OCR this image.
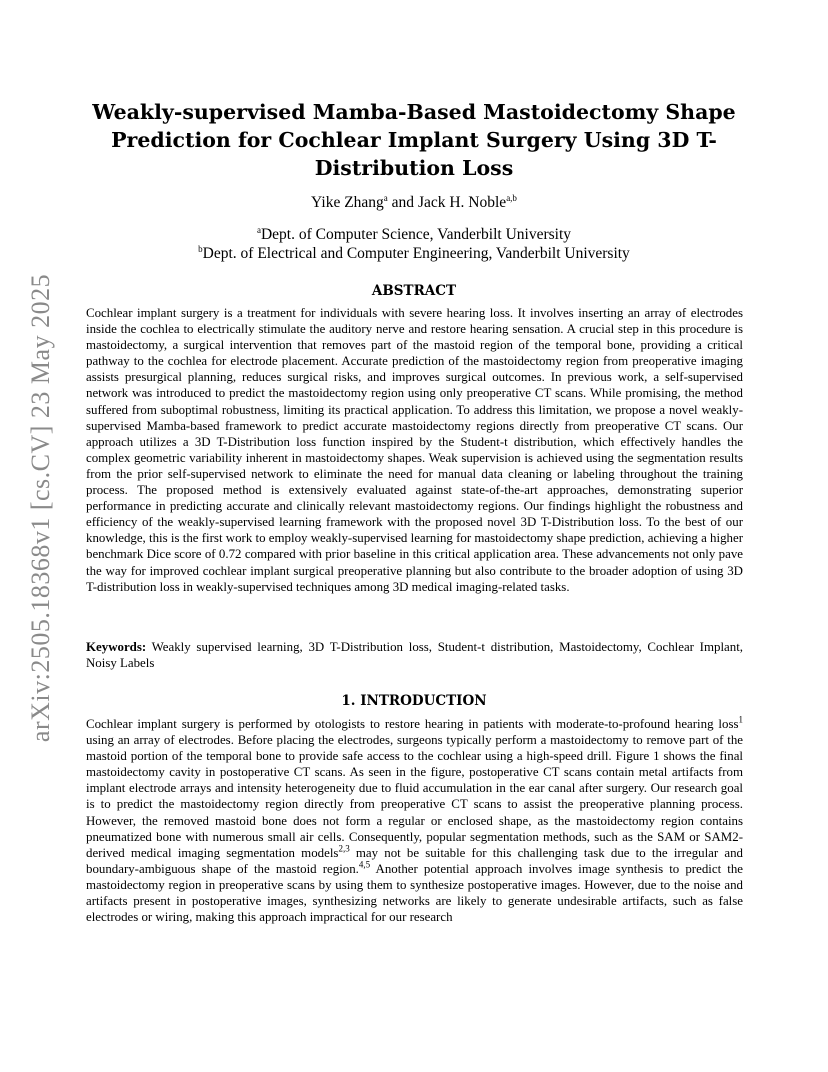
arXiv:2505.18368v1 [cs.CV] 23 May 2025
Weakly-supervised Mamba-Based Mastoidectomy Shape Prediction for Cochlear Implant Surgery Using 3D T-Distribution Loss
Yike Zhang$^a$ and Jack H. Noble$^{a,b}$
$^a$Dept. of Computer Science, Vanderbilt University
$^b$Dept. of Electrical and Computer Engineering, Vanderbilt University
ABSTRACT

Cochlear implant surgery is a treatment for individuals with severe hearing loss. It involves inserting an array of electrodes inside the cochlea to electrically stimulate the auditory nerve and restore hearing sensation. A crucial step in this procedure is mastoidectomy, a surgical intervention that removes part of the mastoid region of the temporal bone, providing a critical pathway to the cochlea for electrode placement. Accurate prediction of the mastoidectomy region from preoperative imaging assists presurgical planning, reduces surgical risks, and improves surgical outcomes. In previous work, a self-supervised network was introduced to predict the mastoidectomy region using only preoperative CT scans. While promising, the method suffered from suboptimal robustness, limiting its practical application. To address this limitation, we propose a novel weakly-supervised Mamba-based framework to predict accurate mastoidectomy regions directly from preoperative CT scans. Our approach utilizes a 3D T-Distribution loss function inspired by the Student-t distribution, which effectively handles the complex geometric variability inherent in mastoidectomy shapes. Weak supervision is achieved using the segmentation results from the prior self-supervised network to eliminate the need for manual data cleaning or labeling throughout the training process. The proposed method is extensively evaluated against state-of-the-art approaches, demonstrating superior performance in predicting accurate and clinically relevant mastoidectomy regions. Our findings highlight the robustness and efficiency of the weakly-supervised learning framework with the proposed novel 3D T-Distribution loss. To the best of our knowledge, this is the first work to employ weakly-supervised learning for mastoidectomy shape prediction, achieving a higher benchmark Dice score of 0.72 compared with prior baseline in this critical application area. These advancements not only pave the way for improved cochlear implant surgical preoperative planning but also contribute to the broader adoption of using 3D T-distribution loss in weakly-supervised techniques among 3D medical imaging-related tasks.

Keywords: Weakly supervised learning, 3D T-Distribution loss, Student-t distribution, Mastoidectomy, Cochlear Implant, Noisy Labels

1. INTRODUCTION

Cochlear implant surgery is performed by otologists to restore hearing in patients with moderate-to-profound hearing loss$^1$ using an array of electrodes. Before placing the electrodes, surgeons typically perform a mastoidectomy to remove part of the mastoid portion of the temporal bone to provide safe access to the cochlear using a high-speed drill. Figure 1 shows the final mastoidectomy cavity in postoperative CT scans. As seen in the figure, postoperative CT scans contain metal artifacts from implant electrode arrays and intensity heterogeneity due to fluid accumulation in the ear canal after surgery. Our research goal is to predict the mastoidectomy region directly from preoperative CT scans to assist the preoperative planning process. However, the removed mastoid bone does not form a regular or enclosed shape, as the mastoidectomy region contains pneumatized bone with numerous small air cells. Consequently, popular segmentation methods, such as the SAM or SAM2-derived medical imaging segmentation models$^{2,3}$ may not be suitable for this challenging task due to the irregular and boundary-ambiguous shape of the mastoid region.$^{4,5}$ Another potential approach involves image synthesis to predict the mastoidectomy region in preoperative scans by using them to synthesize postoperative images. However, due to the noise and artifacts present in postoperative images, synthesizing networks are likely to generate undesirable artifacts, such as false electrodes or wiring, making this approach impractical for our research
